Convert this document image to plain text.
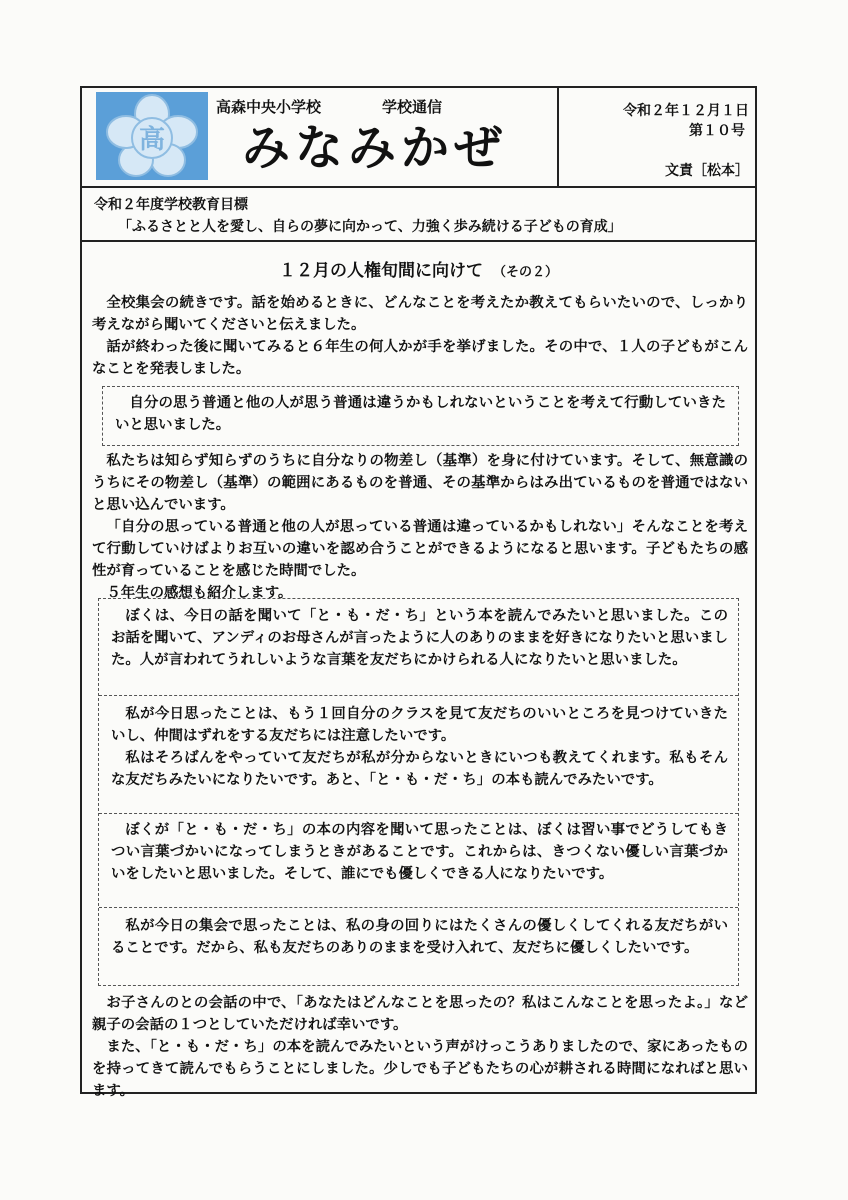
高
高森中央小学校	学校通信
みなみかぜ
令和２年１２月１日
第１０号
文責［松本］
令和２年度学校教育目標
「ふるさとと人を愛し、自らの夢に向かって、力強く歩み続ける子どもの育成」
１２月の人権旬間に向けて （その２）

全校集会の続きです。話を始めるときに、どんなことを考えたか教えてもらいたいので、しっかり考えながら聞いてくださいと伝えました。

話が終わった後に聞いてみると６年生の何人かが手を挙げました。その中で、１人の子どもがこんなことを発表しました。

自分の思う普通と他の人が思う普通は違うかもしれないということを考えて行動していきたいと思いました。

私たちは知らず知らずのうちに自分なりの物差し（基準）を身に付けています。そして、無意識のうちにその物差し（基準）の範囲にあるものを普通、その基準からはみ出ているものを普通ではないと思い込んでいます。

「自分の思っている普通と他の人が思っている普通は違っているかもしれない」そんなことを考えて行動していけばよりお互いの違いを認め合うことができるようになると思います。子どもたちの感性が育っていることを感じた時間でした。

５年生の感想も紹介します。

ぼくは、今日の話を聞いて「と・も・だ・ち」という本を読んでみたいと思いました。このお話を聞いて、アンディのお母さんが言ったように人のありのままを好きになりたいと思いました。人が言われてうれしいような言葉を友だちにかけられる人になりたいと思いました。

私が今日思ったことは、もう１回自分のクラスを見て友だちのいいところを見つけていきたいし、仲間はずれをする友だちには注意したいです。

私はそろばんをやっていて友だちが私が分からないときにいつも教えてくれます。私もそんな友だちみたいになりたいです。あと、「と・も・だ・ち」の本も読んでみたいです。

ぼくが「と・も・だ・ち」の本の内容を聞いて思ったことは、ぼくは習い事でどうしてもきつい言葉づかいになってしまうときがあることです。これからは、きつくない優しい言葉づかいをしたいと思いました。そして、誰にでも優しくできる人になりたいです。

私が今日の集会で思ったことは、私の身の回りにはたくさんの優しくしてくれる友だちがいることです。だから、私も友だちのありのままを受け入れて、友だちに優しくしたいです。

お子さんのとの会話の中で、「あなたはどんなことを思ったの？私はこんなことを思ったよ。」など親子の会話の１つとしていただければ幸いです。

また、「と・も・だ・ち」の本を読んでみたいという声がけっこうありましたので、家にあったものを持ってきて読んでもらうことにしました。少しでも子どもたちの心が耕される時間になればと思います。
